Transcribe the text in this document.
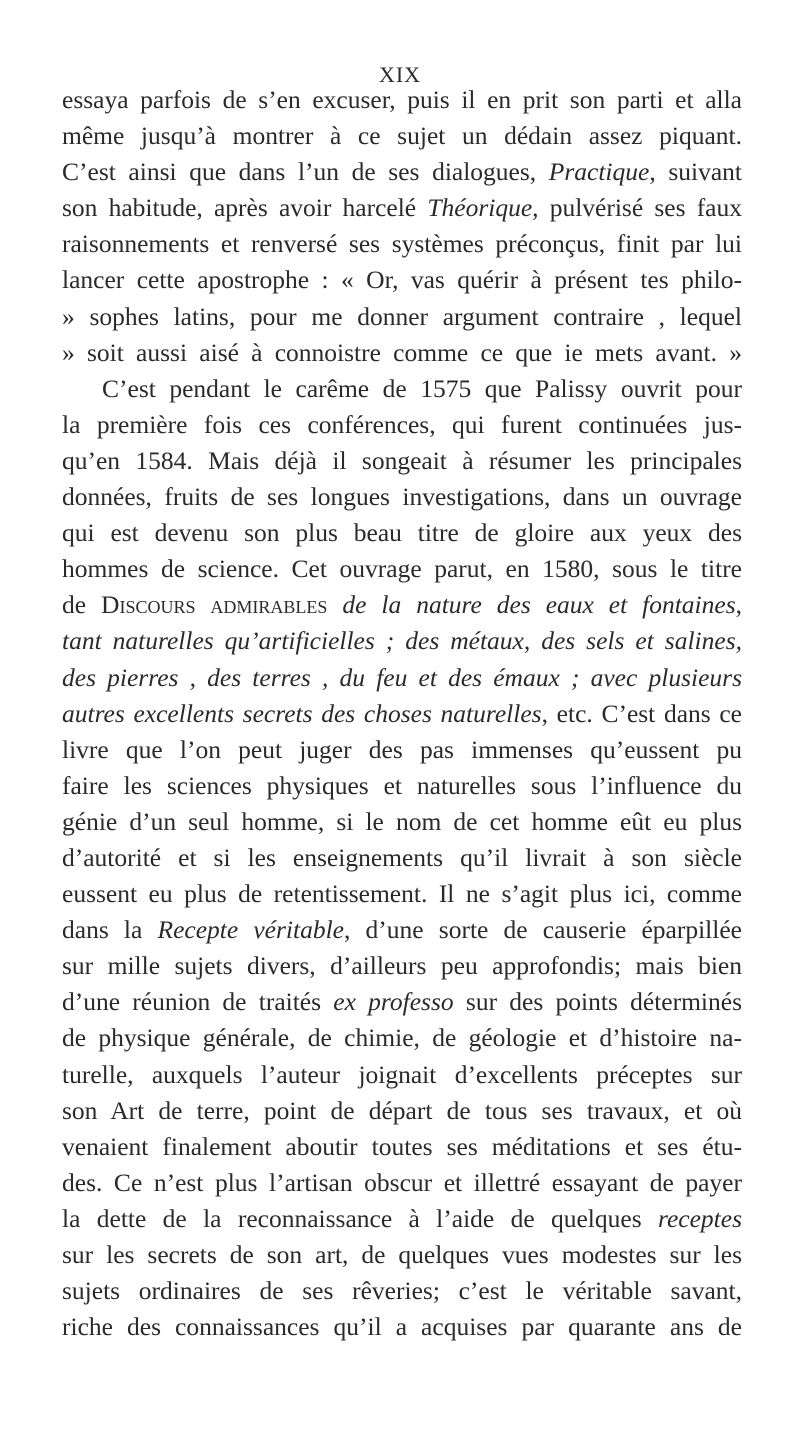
XIX
essaya parfois de s’en excuser, puis il en prit son parti et alla
même jusqu’à montrer à ce sujet un dédain assez piquant.
C’est ainsi que dans l’un de ses dialogues, Practique, suivant
son habitude, après avoir harcelé Théorique, pulvérisé ses faux
raisonnements et renversé ses systèmes préconçus, finit par lui
lancer cette apostrophe : « Or, vas quérir à présent tes philo-
» sophes latins, pour me donner argument contraire , lequel
» soit aussi aisé à connoistre comme ce que ie mets avant. »
C’est pendant le carême de 1575 que Palissy ouvrit pour
la première fois ces conférences, qui furent continuées jus-
qu’en 1584. Mais déjà il songeait à résumer les principales
données, fruits de ses longues investigations, dans un ouvrage
qui est devenu son plus beau titre de gloire aux yeux des
hommes de science. Cet ouvrage parut, en 1580, sous le titre
de Discours admirables de la nature des eaux et fontaines,
tant naturelles qu’artificielles ; des métaux, des sels et salines,
des pierres , des terres , du feu et des émaux ; avec plusieurs
autres excellents secrets des choses naturelles, etc. C’est dans ce
livre que l’on peut juger des pas immenses qu’eussent pu
faire les sciences physiques et naturelles sous l’influence du
génie d’un seul homme, si le nom de cet homme eût eu plus
d’autorité et si les enseignements qu’il livrait à son siècle
eussent eu plus de retentissement. Il ne s’agit plus ici, comme
dans la Recepte véritable, d’une sorte de causerie éparpillée
sur mille sujets divers, d’ailleurs peu approfondis; mais bien
d’une réunion de traités ex professo sur des points déterminés
de physique générale, de chimie, de géologie et d’histoire na-
turelle, auxquels l’auteur joignait d’excellents préceptes sur
son Art de terre, point de départ de tous ses travaux, et où
venaient finalement aboutir toutes ses méditations et ses étu-
des. Ce n’est plus l’artisan obscur et illettré essayant de payer
la dette de la reconnaissance à l’aide de quelques receptes
sur les secrets de son art, de quelques vues modestes sur les
sujets ordinaires de ses rêveries; c’est le véritable savant,
riche des connaissances qu’il a acquises par quarante ans de
